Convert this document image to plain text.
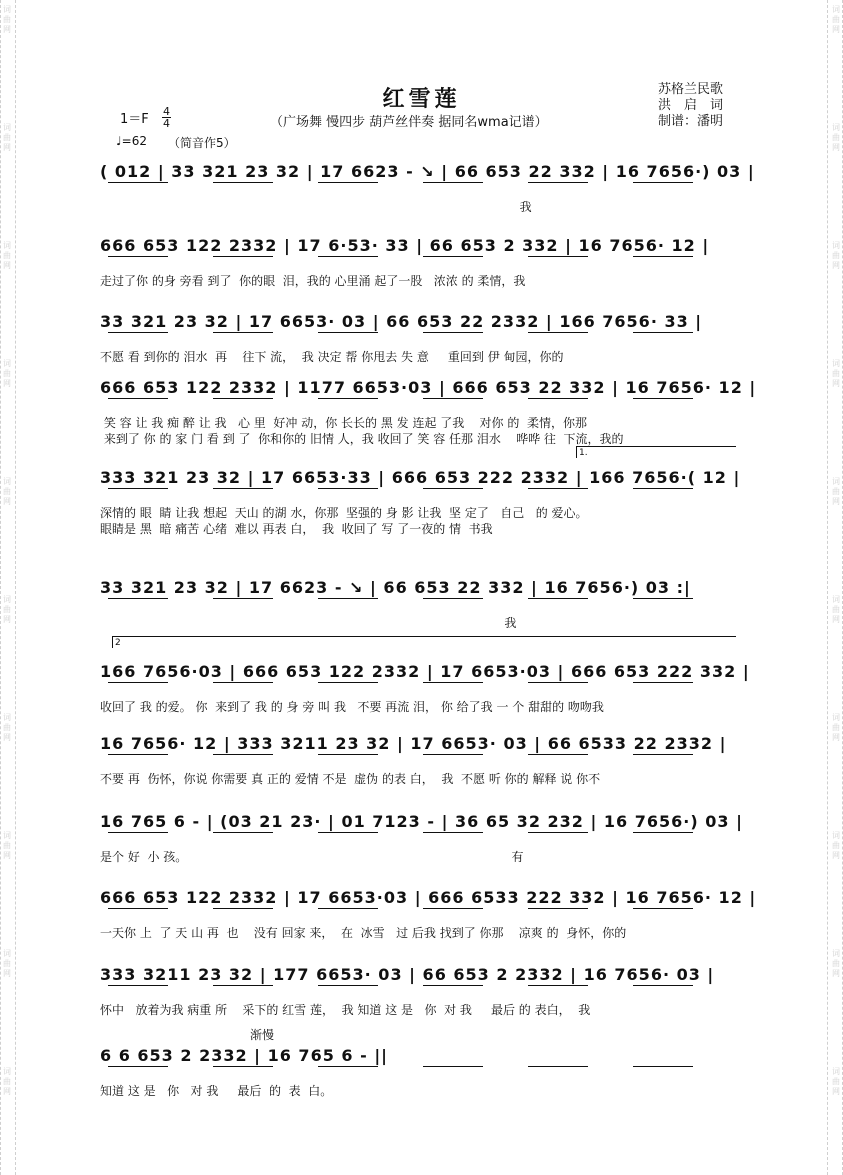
词
曲
网
词
曲
网
词
曲
网
词
曲
网
词
曲
网
词
曲
网
词
曲
网
词
曲
网
词
曲
网
词
曲
网
词
曲
网
词
曲
网
词
曲
网
词
曲
网
词
曲
网
词
曲
网
词
曲
网
词
曲
网
词
曲
网
词
曲
网
红雪莲
（广场舞 慢四步 葫芦丝伴奏 据同名wma记谱）
苏格兰民歌
洪　启　词
制谱：潘明
1＝F
4
4
♩=62 （简音作5）
( 012 | 33 321 23 32 | 17 6623 - ↘ | 66 653 22 332 | 16 7656·) 03 |
我
666 653 122 2332 | 17 6·53· 33 | 66 653 2 332 | 16 7656· 12 |
走过了你 的身 旁看 到了  你的眼  泪，我的 心里涌 起了一股   浓浓 的 柔情，我
33 321 23 32 | 17 6653· 03 | 66 653 22 2332 | 166 7656· 33 |
不愿 看 到你的 泪水  再    往下 流，  我 决定 帮 你甩去 失 意     重回到 伊 甸园，你的
666 653 122 2332 | 1177 6653·03 | 666 653 22 332 | 16 7656· 12 |
笑 容 让 我 痴 醉 让 我   心 里  好冲 动，你 长长的 黑 发 连起 了我    对你 的  柔情，你那
来到了 你 的 家 门 看 到 了  你和你的 旧情 人，我 收回了 笑 容 任那 泪水    哗哗 往  下流，我的
333 321 23 32 | 17 6653·33 | 666 653 222 2332 | 166 7656·( 12 |
深情的 眼  睛 让我 想起  天山 的湖 水，你那  坚强的 身 影 让我  坚 定了   自己   的 爱心。
眼睛是 黑  暗 痛苦 心绪  难以 再表 白，  我  收回了 写 了一夜的 情  书我
33 321 23 32 | 17 6623 - ↘ | 66 653 22 332 | 16 7656·) 03 :|
我
166 7656·03 | 666 653 122 2332 | 17 6653·03 | 666 653 222 332 |
收回了 我 的爱。 你  来到了 我 的 身 旁 叫 我   不要 再流 泪， 你 给了我 一 个 甜甜的 吻吻我
16 7656· 12 | 333 3211 23 32 | 17 6653· 03 | 66 6533 22 2332 |
不要 再  伤怀，你说 你需要 真 正的 爱情 不是  虚伪 的表 白，  我  不愿 听 你的 解释 说 你不
16 765 6 - | (03 21 23· | 01 7123 - | 36 65 32 232 | 16 7656·) 03 |
是个 好  小 孩。                                                                                     有
666 653 122 2332 | 17 6653·03 | 666 6533 222 332 | 16 7656· 12 |
一天你 上  了 天 山 再  也    没有 回家 来，  在  冰雪   过 后我 找到了 你那    凉爽 的  身怀，你的
333 3211 23 32 | 177 6653· 03 | 66 653 2 2332 | 16 7656· 03 |
怀中   放着为我 病重 所    采下的 红雪 莲，  我 知道 这 是   你  对 我     最后 的 表白，  我
6 6 653 2 2332 | 16 765 6 - ||
知道 这 是   你   对 我     最后  的  表  白。
1.
2
渐慢
